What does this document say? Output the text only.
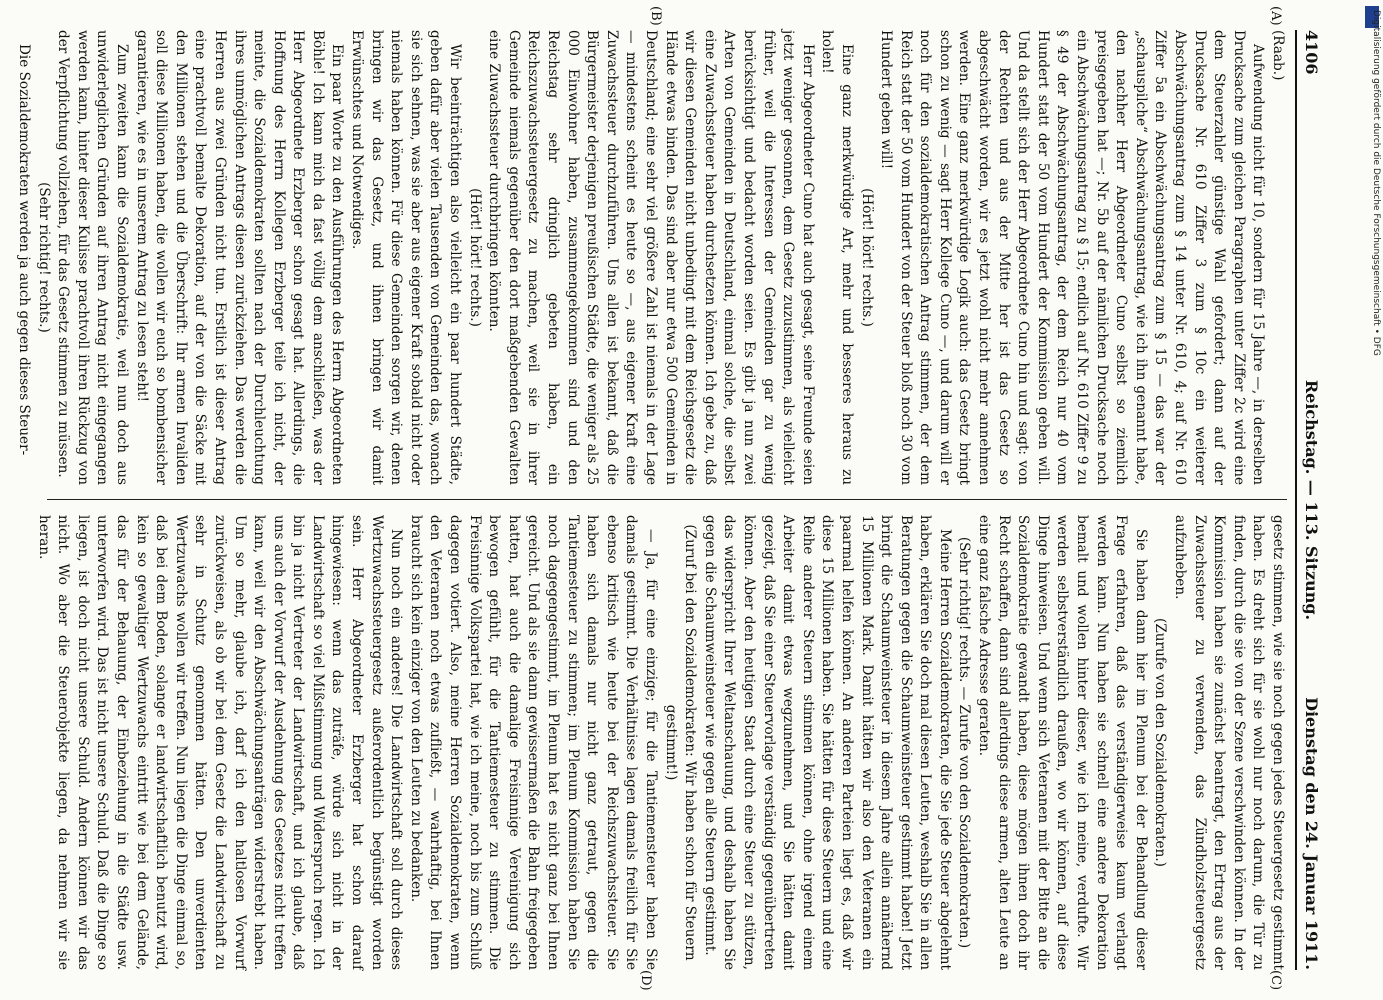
4106
Reichstag. — 113. Sitzung.
Dienstag den 24. Januar 1911.
(A)
(B)
(C)
(D)

(Raab.)

Aufwendung nicht für 10, sondern für 15 Jahre —, in derselben Drucksache zum gleichen Paragraphen unter Ziffer 2c wird eine dem Steuerzahler günstige Wahl gefordert; dann auf der Drucksache Nr. 610 Ziffer 3 zum § 10c ein weiterer Abschwächungsantrag zum § 14 unter Nr. 610, 4; auf Nr. 610 Ziffer 5a ein Abschwächungsantrag zum § 15 — das war der „schauspilche“ Abschwächungsantrag, wie ich ihn genannt habe, den nachher Herr Abgeordneter Cuno selbst so ziemlich preisgegeben hat —; Nr. 5b auf der nämlichen Drucksache noch ein Abschwächungsantrag zu § 15; endlich auf Nr. 610 Ziffer 9 zu § 49 der Abschwächungsantrag, der dem Reich nur 40 vom Hundert statt der 50 vom Hundert der Kommission geben will. Und da stellt sich der Herr Abgeordnete Cuno hin und sagt: von der Rechten und aus der Mitte her ist das Gesetz so abgeschwächt worden, wir es jetzt wohl nicht mehr annehmen werden. Eine ganz merkwürdige Logik auch: das Gesetz bringt schon zu wenig — sagt Herr Kollege Cuno —, und darum will er noch für den sozialdemokratischen Antrag stimmen, der dem Reich statt der 50 vom Hundert von der Steuer bloß noch 30 vom Hundert geben will!

(Hört! hört! rechts.)

Eine ganz merkwürdige Art, mehr und besseres heraus zu holen!

Herr Abgeordneter Cuno hat auch gesagt, seine Freunde seien jetzt weniger gesonnen, dem Gesetz zuzustimmen, als vielleicht früher, weil die Interessen der Gemeinden gar zu wenig berücksichtigt und bedacht worden seien. Es gibt ja nun zwei Arten von Gemeinden in Deutschland, einmal solche, die selbst eine Zuwachssteuer haben durchsetzen können. Ich gebe zu, daß wir diesen Gemeinden nicht unbedingt mit dem Reichsgesetz die Hände etwas binden. Das sind aber nur etwa 500 Gemeinden in Deutschland; eine sehr viel größere Zahl ist niemals in der Lage — mindestens scheint es heute so —, aus eigener Kraft eine Zuwachssteuer durchzuführen. Uns allen ist bekannt, daß die Bürgermeister derjenigen preußischen Städte, die weniger als 25 000 Einwohner haben, zusammengekommen sind und den Reichstag sehr dringlich gebeten haben, ein Reichszuwachssteuergesetz zu machen, weil sie in ihrer Gemeinde niemals gegenüber den dort maßgebenden Gewalten eine Zuwachssteuer durchbringen könnten.

(Hört! hört! rechts.)

Wir beeinträchtigen also vielleicht ein paar hundert Städte, geben dafür aber vielen Tausenden von Gemeinden das, wonach sie sich sehnen, was sie aber aus eigener Kraft sobald nicht oder niemals haben können. Für diese Gemeinden sorgen wir, denen bringen wir das Gesetz, und ihnen bringen wir damit Erwünschtes und Notwendiges.

Ein paar Worte zu den Ausführungen des Herrn Abgeordneten Böhle! Ich kann mich da fast völlig dem anschließen, was der Herr Abgeordnete Erzberger schon gesagt hat. Allerdings, die Hoffnung des Herrn Kollegen Erzberger teile ich nicht, der meinte, die Sozialdemokraten sollten nach der Durchleuchtung ihres unmöglichen Antrags diesen zurückziehen. Das werden die Herren aus zwei Gründen nicht tun. Erstlich ist dieser Antrag eine prachtvoll bemalte Dekoration, auf der von die Säcke mit den Millionen stehen und die Überschrift: Ihr armen Invaliden soll diese Millionen haben, die wollen wir euch so bombensicher garantieren, wie es in unserem Antrag zu lesen steht!

Zum zweiten kann die Sozialdemokratie, weil nun doch aus unwiderleglichen Gründen auf ihren Antrag nicht eingegangen werden kann, hinter dieser Kulisse prachtvoll ihren Rückzug von der Verpflichtung vollziehen, für das Gesetz stimmen zu müssen.

(Sehr richtig! rechts.)

Die Sozialdemokraten werden ja auch gegen dieses Steuer-

gesetz stimmen, wie sie noch gegen jedes Steuergesetz gestimmt haben. Es dreht sich für sie wohl nur noch darum, die Tür zu finden, durch die sie von der Szene verschwinden können. In der Kommission haben sie zunächst beantragt, den Ertrag aus der Zuwachssteuer zu verwenden, das Zündholzsteuergesetz aufzuheben.

(Zurufe von den Sozialdemokraten.)

Sie haben dann hier im Plenum bei der Behandlung dieser Frage erfahren, daß das verständigerweise kaum verlangt werden kann. Nun haben sie schnell eine andere Dekoration bemalt und wollen hinter dieser, wie ich meine, verdufte. Wir werden selbstverständlich draußen, wo wir können, auf diese Dinge hinweisen. Und wenn sich Veteranen mit der Bitte an die Sozialdemokratie gewandt haben, diese mögen ihnen doch ihr Recht schaffen, dann sind allerdings diese armen, alten Leute an eine ganz falsche Adresse geraten.

(Sehr richtig! rechts. — Zurufe von den Sozialdemokraten.)

Meine Herren Sozialdemokraten, die Sie jede Steuer abgelehnt haben, erklären Sie doch mal diesen Leuten, weshalb Sie in allen Beratungen gegen die Schaumweinsteuer gestimmt haben! Jetzt bringt die Schaumweinsteuer in diesem Jahre allein annähernd 15 Millionen Mark. Damit hätten wir also den Veteranen ein paarmal helfen können. An anderen Parteien liegt es, daß wir diese 15 Millionen haben. Sie hätten für diese Steuern und eine Reihe anderer Steuern stimmen können, ohne irgend einem Arbeiter damit etwas wegzunehmen, und Sie hätten damit gezeigt, daß Sie einer Steuervorlage verständig gegenübertreten können. Aber den heutigen Staat durch eine Steuer zu stützen, das widerspricht Ihrer Weltanschauung, und deshalb haben Sie gegen die Schaumweinsteuer wie gegen alle Steuern gestimmt.

(Zuruf bei den Sozialdemokraten: Wir haben schon für Steuern gestimmt!)

— Ja, für eine einzige; für die Tantiemensteuer haben Sie damals gestimmt. Die Verhältnisse lagen damals freilich für Sie ebenso kritisch wie heute bei der Reichszuwachssteuer. Sie haben sich damals nur nicht ganz getraut, gegen die Tantiemesteuer zu stimmen; im Plenum Kommission haben Sie noch dagegengestimmt, im Plenum hat es nicht ganz bei Ihnen gereicht. Und als sie dann gewissermaßen die Bahn freigegeben hatten, hat auch die damalige Freisinnige Vereinigung sich bewogen gefühlt, für die Tantiemesteuer zu stimmen. Die Freisinnige Volkspartei hat, wie ich meine, noch bis zum Schluß dagegen votiert. Also, meine Herren Sozialdemokraten, wenn den Veteranen noch etwas zufließt, — wahrhaftig, bei Ihnen braucht sich kein einziger von den Leuten zu bedanken.

Nun noch ein anderes! Die Landwirtschaft soll durch dieses Wertzuwachssteuergesetz außerordentlich begünstigt worden sein. Herr Abgeordneter Erzberger hat schon darauf hingewiesen: wenn das zuträfe, würde sich nicht in der Landwirtschaft so viel Mißstimmung und Widerspruch regen. Ich bin ja nicht Vertreter der Landwirtschaft, und ich glaube, daß uns auch der Vorwurf der Ausdehnung des Gesetzes nicht treffen kann, weil wir den Abschwächungsanträgen widerstrebt haben. Um so mehr, glaube ich, darf ich den haltlosen Vorwurf zurückweisen, als ob wir bei dem Gesetz die Landwirtschaft zu sehr in Schutz genommen hätten. Den unverdienten Wertzuwachs wollen wir treffen. Nun liegen die Dinge einmal so, daß bei dem Boden, solange er landwirtschaftlich benutzt wird, kein so gewaltiger Wertzuwachs eintritt wie bei dem Gelände, das für der Behauung, der Einbeziehung in die Städte usw. unterworfen wird. Das ist nicht unsere Schuld. Daß die Dinge so liegen, ist doch nicht unsere Schuld. Andern können wir das nicht. Wo aber die Steuerobjekte liegen, da nehmen wir sie heran.

Digitalisierung gefördert durch die Deutsche Forschungsgemeinschaft • DFG
